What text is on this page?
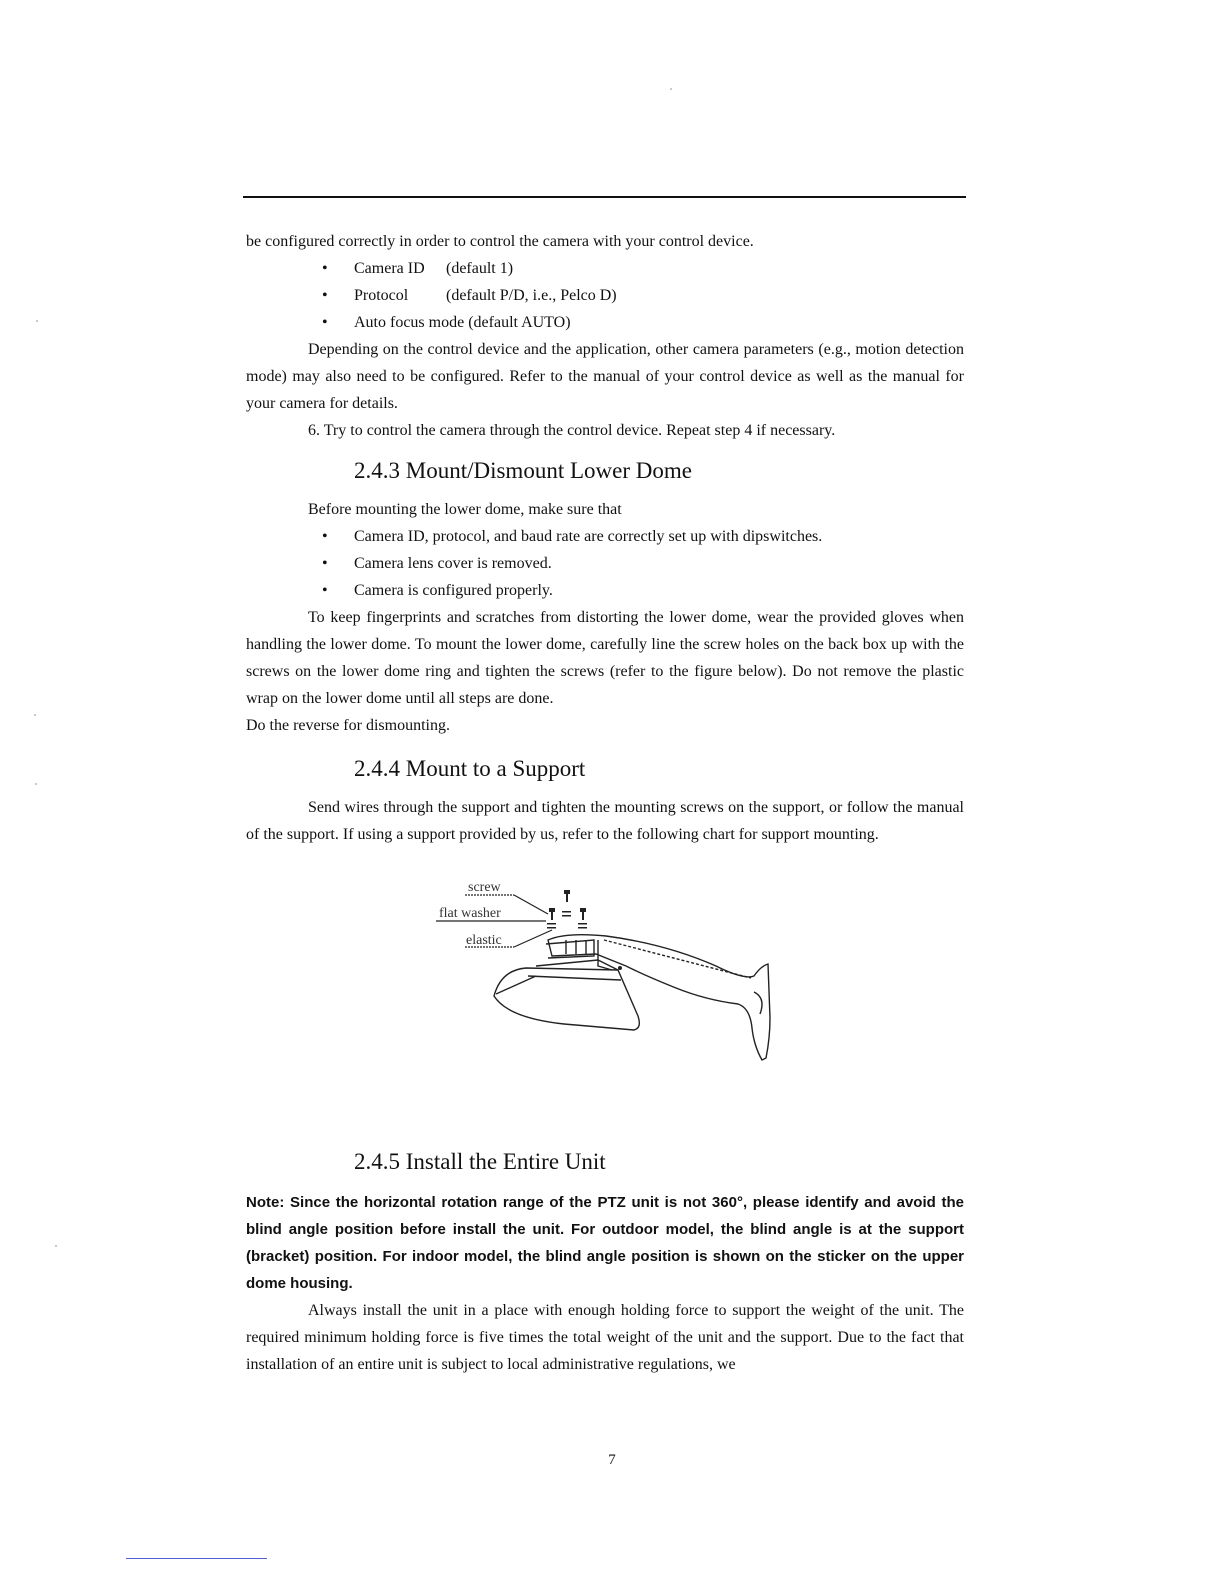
be configured correctly in order to control the camera with your control device.

• Camera ID (default 1)
• Protocol (default P/D, i.e., Pelco D)
• Auto focus mode (default AUTO)

Depending on the control device and the application, other camera parameters (e.g., motion detection mode) may also need to be configured. Refer to the manual of your control device as well as the manual for your camera for details.

6. Try to control the camera through the control device. Repeat step 4 if necessary.

2.4.3 Mount/Dismount Lower Dome

Before mounting the lower dome, make sure that

• Camera ID, protocol, and baud rate are correctly set up with dipswitches.
• Camera lens cover is removed.
• Camera is configured properly.

To keep fingerprints and scratches from distorting the lower dome, wear the provided gloves when handling the lower dome. To mount the lower dome, carefully line the screw holes on the back box up with the screws on the lower dome ring and tighten the screws (refer to the figure below). Do not remove the plastic wrap on the lower dome until all steps are done.

Do the reverse for dismounting.

2.4.4 Mount to a Support

Send wires through the support and tighten the mounting screws on the support, or follow the manual of the support. If using a support provided by us, refer to the following chart for support mounting.

screw
flat washer
elastic
2.4.5 Install the Entire Unit

Note: Since the horizontal rotation range of the PTZ unit is not 360°, please identify and avoid the blind angle position before install the unit. For outdoor model, the blind angle is at the support (bracket) position. For indoor model, the blind angle position is shown on the sticker on the upper dome housing.

Always install the unit in a place with enough holding force to support the weight of the unit. The required minimum holding force is five times the total weight of the unit and the support. Due to the fact that installation of an entire unit is subject to local administrative regulations, we

7
